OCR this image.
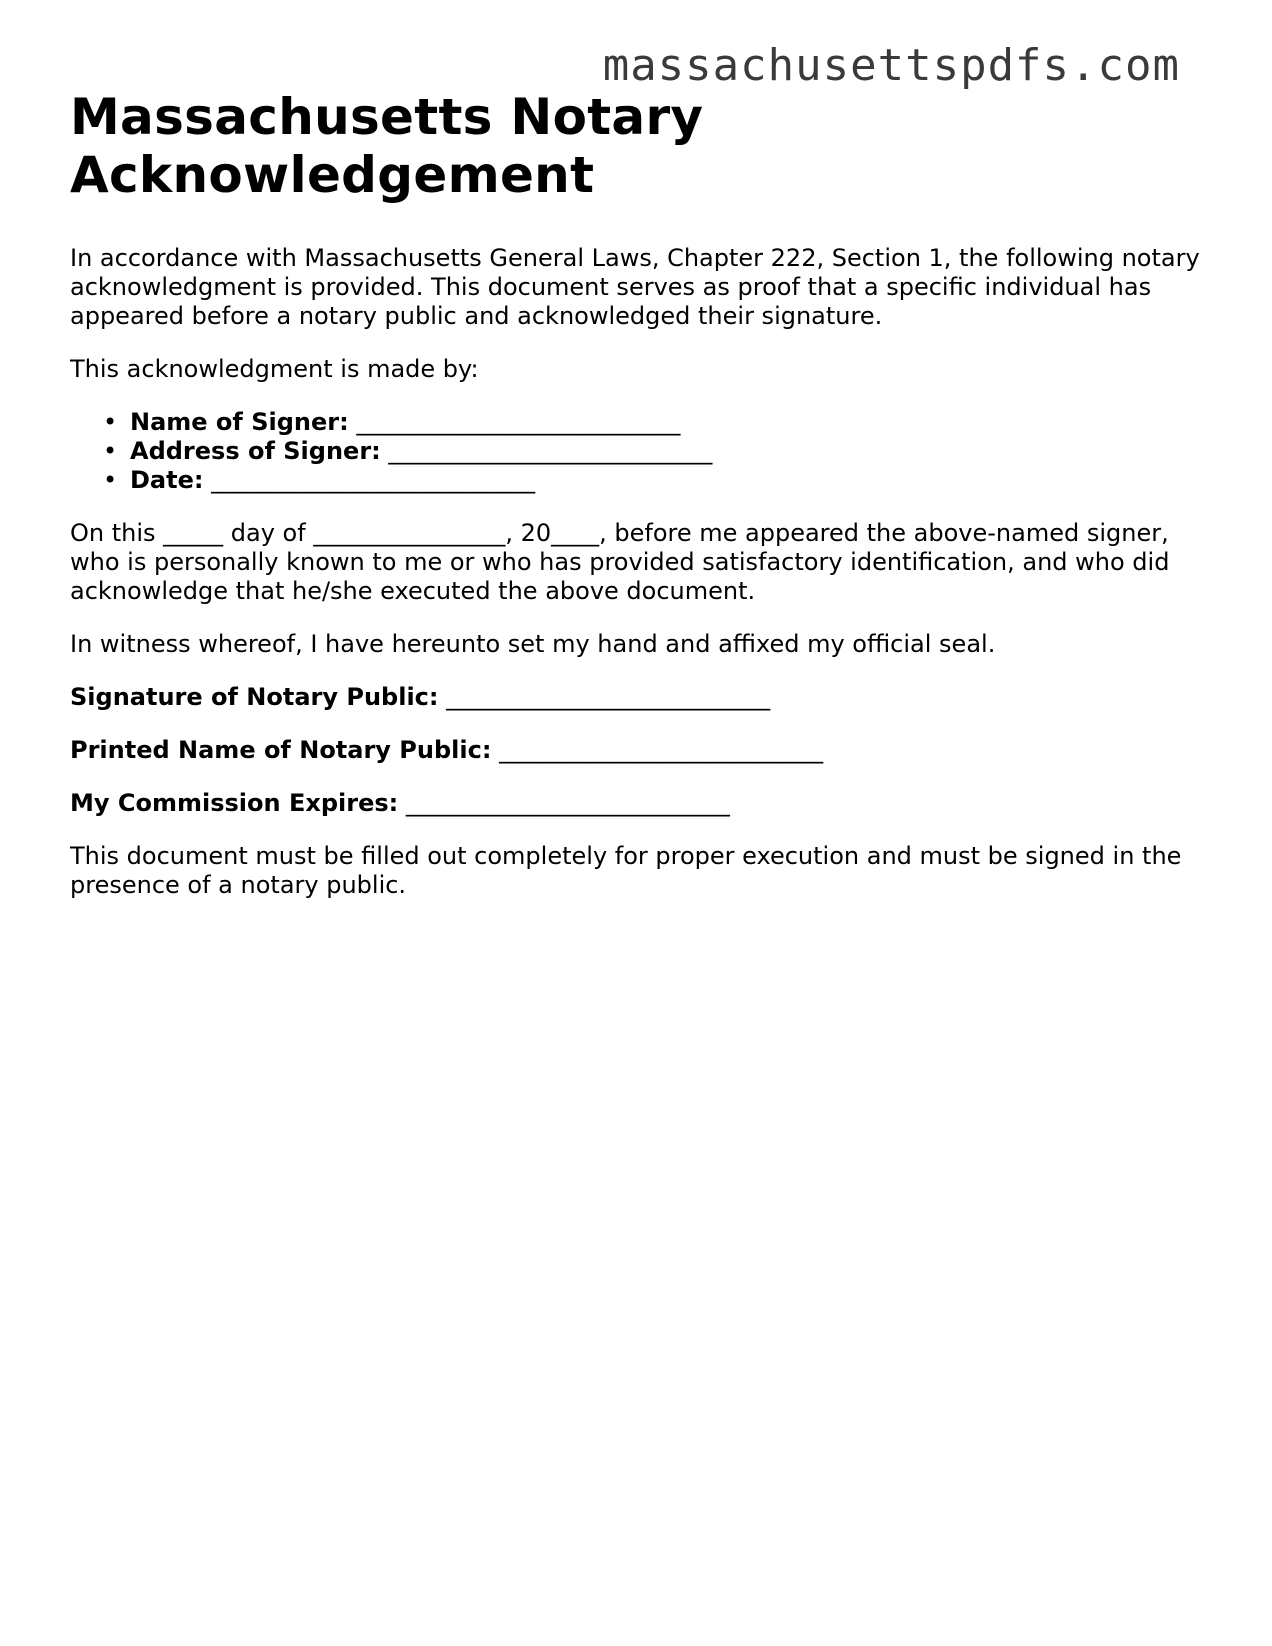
massachusettspdfs.com
Massachusetts Notary Acknowledgement

In accordance with Massachusetts General Laws, Chapter 222, Section 1, the following notary acknowledgment is provided. This document serves as proof that a specific individual has appeared before a notary public and acknowledged their signature.

This acknowledgment is made by:

• Name of Signer: ___________________________
• Address of Signer: ___________________________
• Date: ___________________________

On this _____ day of ________________, 20____, before me appeared the above-named signer, who is personally known to me or who has provided satisfactory identification, and who did acknowledge that he/she executed the above document.

In witness whereof, I have hereunto set my hand and affixed my official seal.

Signature of Notary Public: ___________________________

Printed Name of Notary Public: ___________________________

My Commission Expires: ___________________________

This document must be filled out completely for proper execution and must be signed in the presence of a notary public.
